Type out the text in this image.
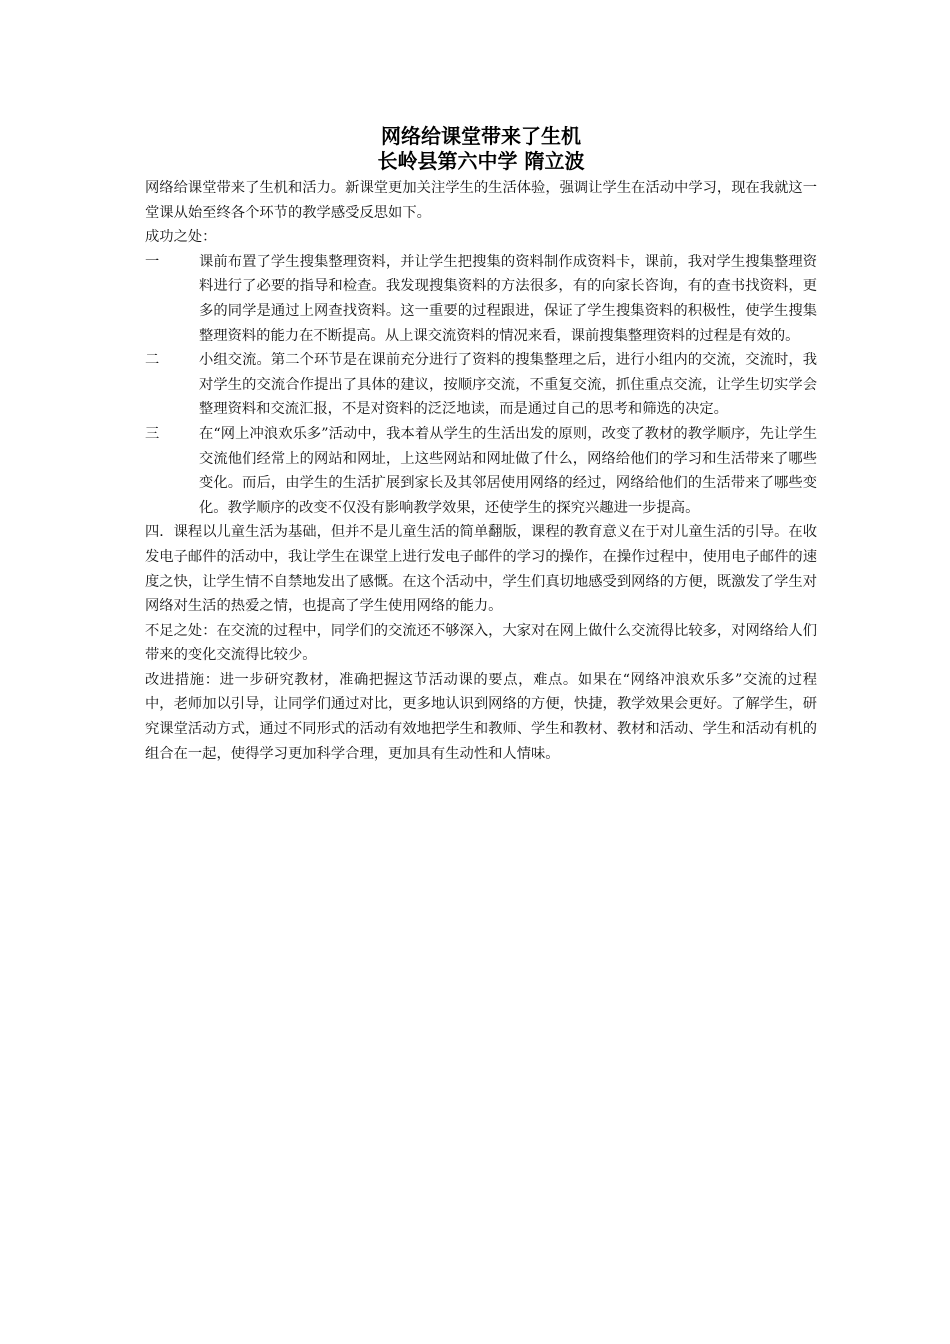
网络给课堂带来了生机
长岭县第六中学 隋立波

网络给课堂带来了生机和活力。新课堂更加关注学生的生活体验，强调让学生在活动中学习，现在我就这一堂课从始至终各个环节的教学感受反思如下。

成功之处：

一	课前布置了学生搜集整理资料，并让学生把搜集的资料制作成资料卡，课前，我对学生搜集整理资料进行了必要的指导和检查。我发现搜集资料的方法很多，有的向家长咨询，有的查书找资料，更多的同学是通过上网查找资料。这一重要的过程跟进，保证了学生搜集资料的积极性，使学生搜集整理资料的能力在不断提高。从上课交流资料的情况来看，课前搜集整理资料的过程是有效的。
二	小组交流。第二个环节是在课前充分进行了资料的搜集整理之后，进行小组内的交流，交流时，我对学生的交流合作提出了具体的建议，按顺序交流，不重复交流，抓住重点交流，让学生切实学会整理资料和交流汇报，不是对资料的泛泛地读，而是通过自己的思考和筛选的决定。
三	在“网上冲浪欢乐多”活动中，我本着从学生的生活出发的原则，改变了教材的教学顺序，先让学生交流他们经常上的网站和网址，上这些网站和网址做了什么，网络给他们的学习和生活带来了哪些变化。而后，由学生的生活扩展到家长及其邻居使用网络的经过，网络给他们的生活带来了哪些变化。教学顺序的改变不仅没有影响教学效果，还使学生的探究兴趣进一步提高。

四．课程以儿童生活为基础，但并不是儿童生活的简单翻版，课程的教育意义在于对儿童生活的引导。在收发电子邮件的活动中，我让学生在课堂上进行发电子邮件的学习的操作，在操作过程中，使用电子邮件的速度之快，让学生情不自禁地发出了感慨。在这个活动中，学生们真切地感受到网络的方便，既激发了学生对网络对生活的热爱之情，也提高了学生使用网络的能力。

不足之处：在交流的过程中，同学们的交流还不够深入，大家对在网上做什么交流得比较多，对网络给人们带来的变化交流得比较少。

改进措施：进一步研究教材，准确把握这节活动课的要点，难点。如果在“网络冲浪欢乐多”交流的过程中，老师加以引导，让同学们通过对比，更多地认识到网络的方便，快捷，教学效果会更好。了解学生，研究课堂活动方式，通过不同形式的活动有效地把学生和教师、学生和教材、教材和活动、学生和活动有机的组合在一起，使得学习更加科学合理，更加具有生动性和人情味。
